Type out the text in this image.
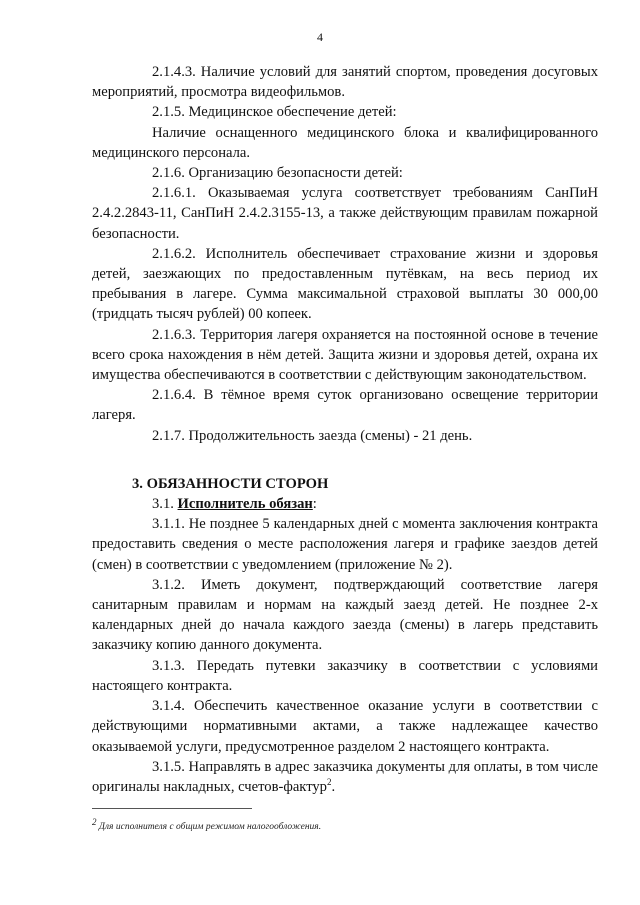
4

2.1.4.3. Наличие условий для занятий спортом, проведения досуговых мероприятий, просмотра видеофильмов.

2.1.5. Медицинское обеспечение детей:

Наличие оснащенного медицинского блока и квалифицированного медицинского персонала.

2.1.6. Организацию безопасности детей:

2.1.6.1. Оказываемая услуга соответствует требованиям СанПиН 2.4.2.2843-11, СанПиН 2.4.2.3155-13, а также действующим правилам пожарной безопасности.

2.1.6.2. Исполнитель обеспечивает страхование жизни и здоровья детей, заезжающих по предоставленным путёвкам, на весь период их пребывания в лагере. Сумма максимальной страховой выплаты 30 000,00 (тридцать тысяч рублей) 00 копеек.

2.1.6.3. Территория лагеря охраняется на постоянной основе в течение всего срока нахождения в нём детей. Защита жизни и здоровья детей, охрана их имущества обеспечиваются в соответствии с действующим законодательством.

2.1.6.4. В тёмное время суток организовано освещение территории лагеря.

2.1.7. Продолжительность заезда (смены) - 21 день.

3. ОБЯЗАННОСТИ СТОРОН

3.1. Исполнитель обязан:

3.1.1. Не позднее 5 календарных дней с момента заключения контракта предоставить сведения о месте расположения лагеря и графике заездов детей (смен) в соответствии с уведомлением (приложение № 2).

3.1.2. Иметь документ, подтверждающий соответствие лагеря санитарным правилам и нормам на каждый заезд детей. Не позднее 2-х календарных дней до начала каждого заезда (смены) в лагерь представить заказчику копию данного документа.

3.1.3. Передать путевки заказчику в соответствии с условиями настоящего контракта.

3.1.4. Обеспечить качественное оказание услуги в соответствии с действующими нормативными актами, а также надлежащее качество оказываемой услуги, предусмотренное разделом 2 настоящего контракта.

3.1.5. Направлять в адрес заказчика документы для оплаты, в том числе оригиналы накладных, счетов-фактур$^2$.

$^2$ Для исполнителя с общим режимом налогообложения.
